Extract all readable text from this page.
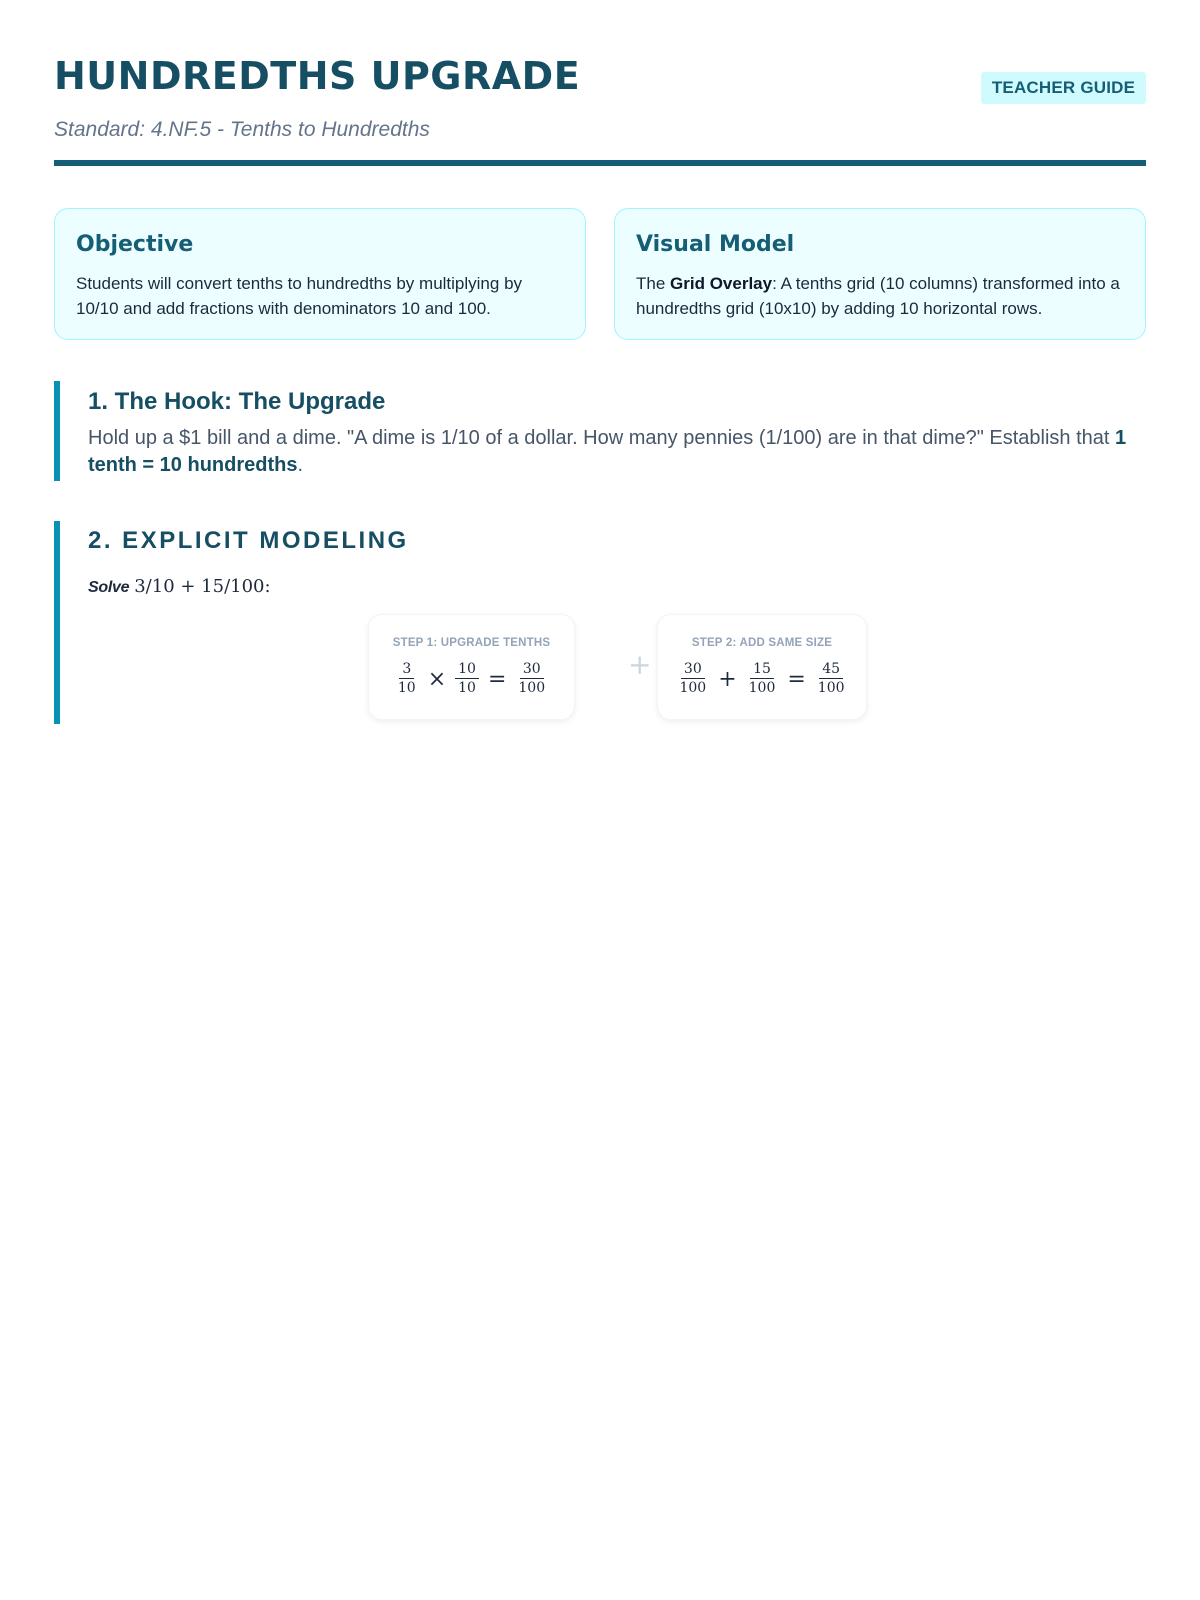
HUNDREDTHS UPGRADE
Standard: 4.NF.5 - Tenths to Hundredths
TEACHER GUIDE
Objective
Students will convert tenths to hundredths by multiplying by 10/10 and add fractions with denominators 10 and 100.
Visual Model
The Grid Overlay: A tenths grid (10 columns) transformed into a hundredths grid (10x10) by adding 10 horizontal rows.
1. The Hook: The Upgrade
Hold up a $1 bill and a dime. "A dime is 1/10 of a dollar. How many pennies (1/100) are in that dime?" Establish that 1 tenth = 10 hundredths.
2. EXPLICIT MODELING
Solve 3/10 + 15/100:
STEP 1: UPGRADE TENTHS
$\frac{3}{10} \times \frac{10}{10} = \frac{30}{100}$	+
STEP 2: ADD SAME SIZE
$\frac{30}{100} + \frac{15}{100} = \frac{45}{100}$
